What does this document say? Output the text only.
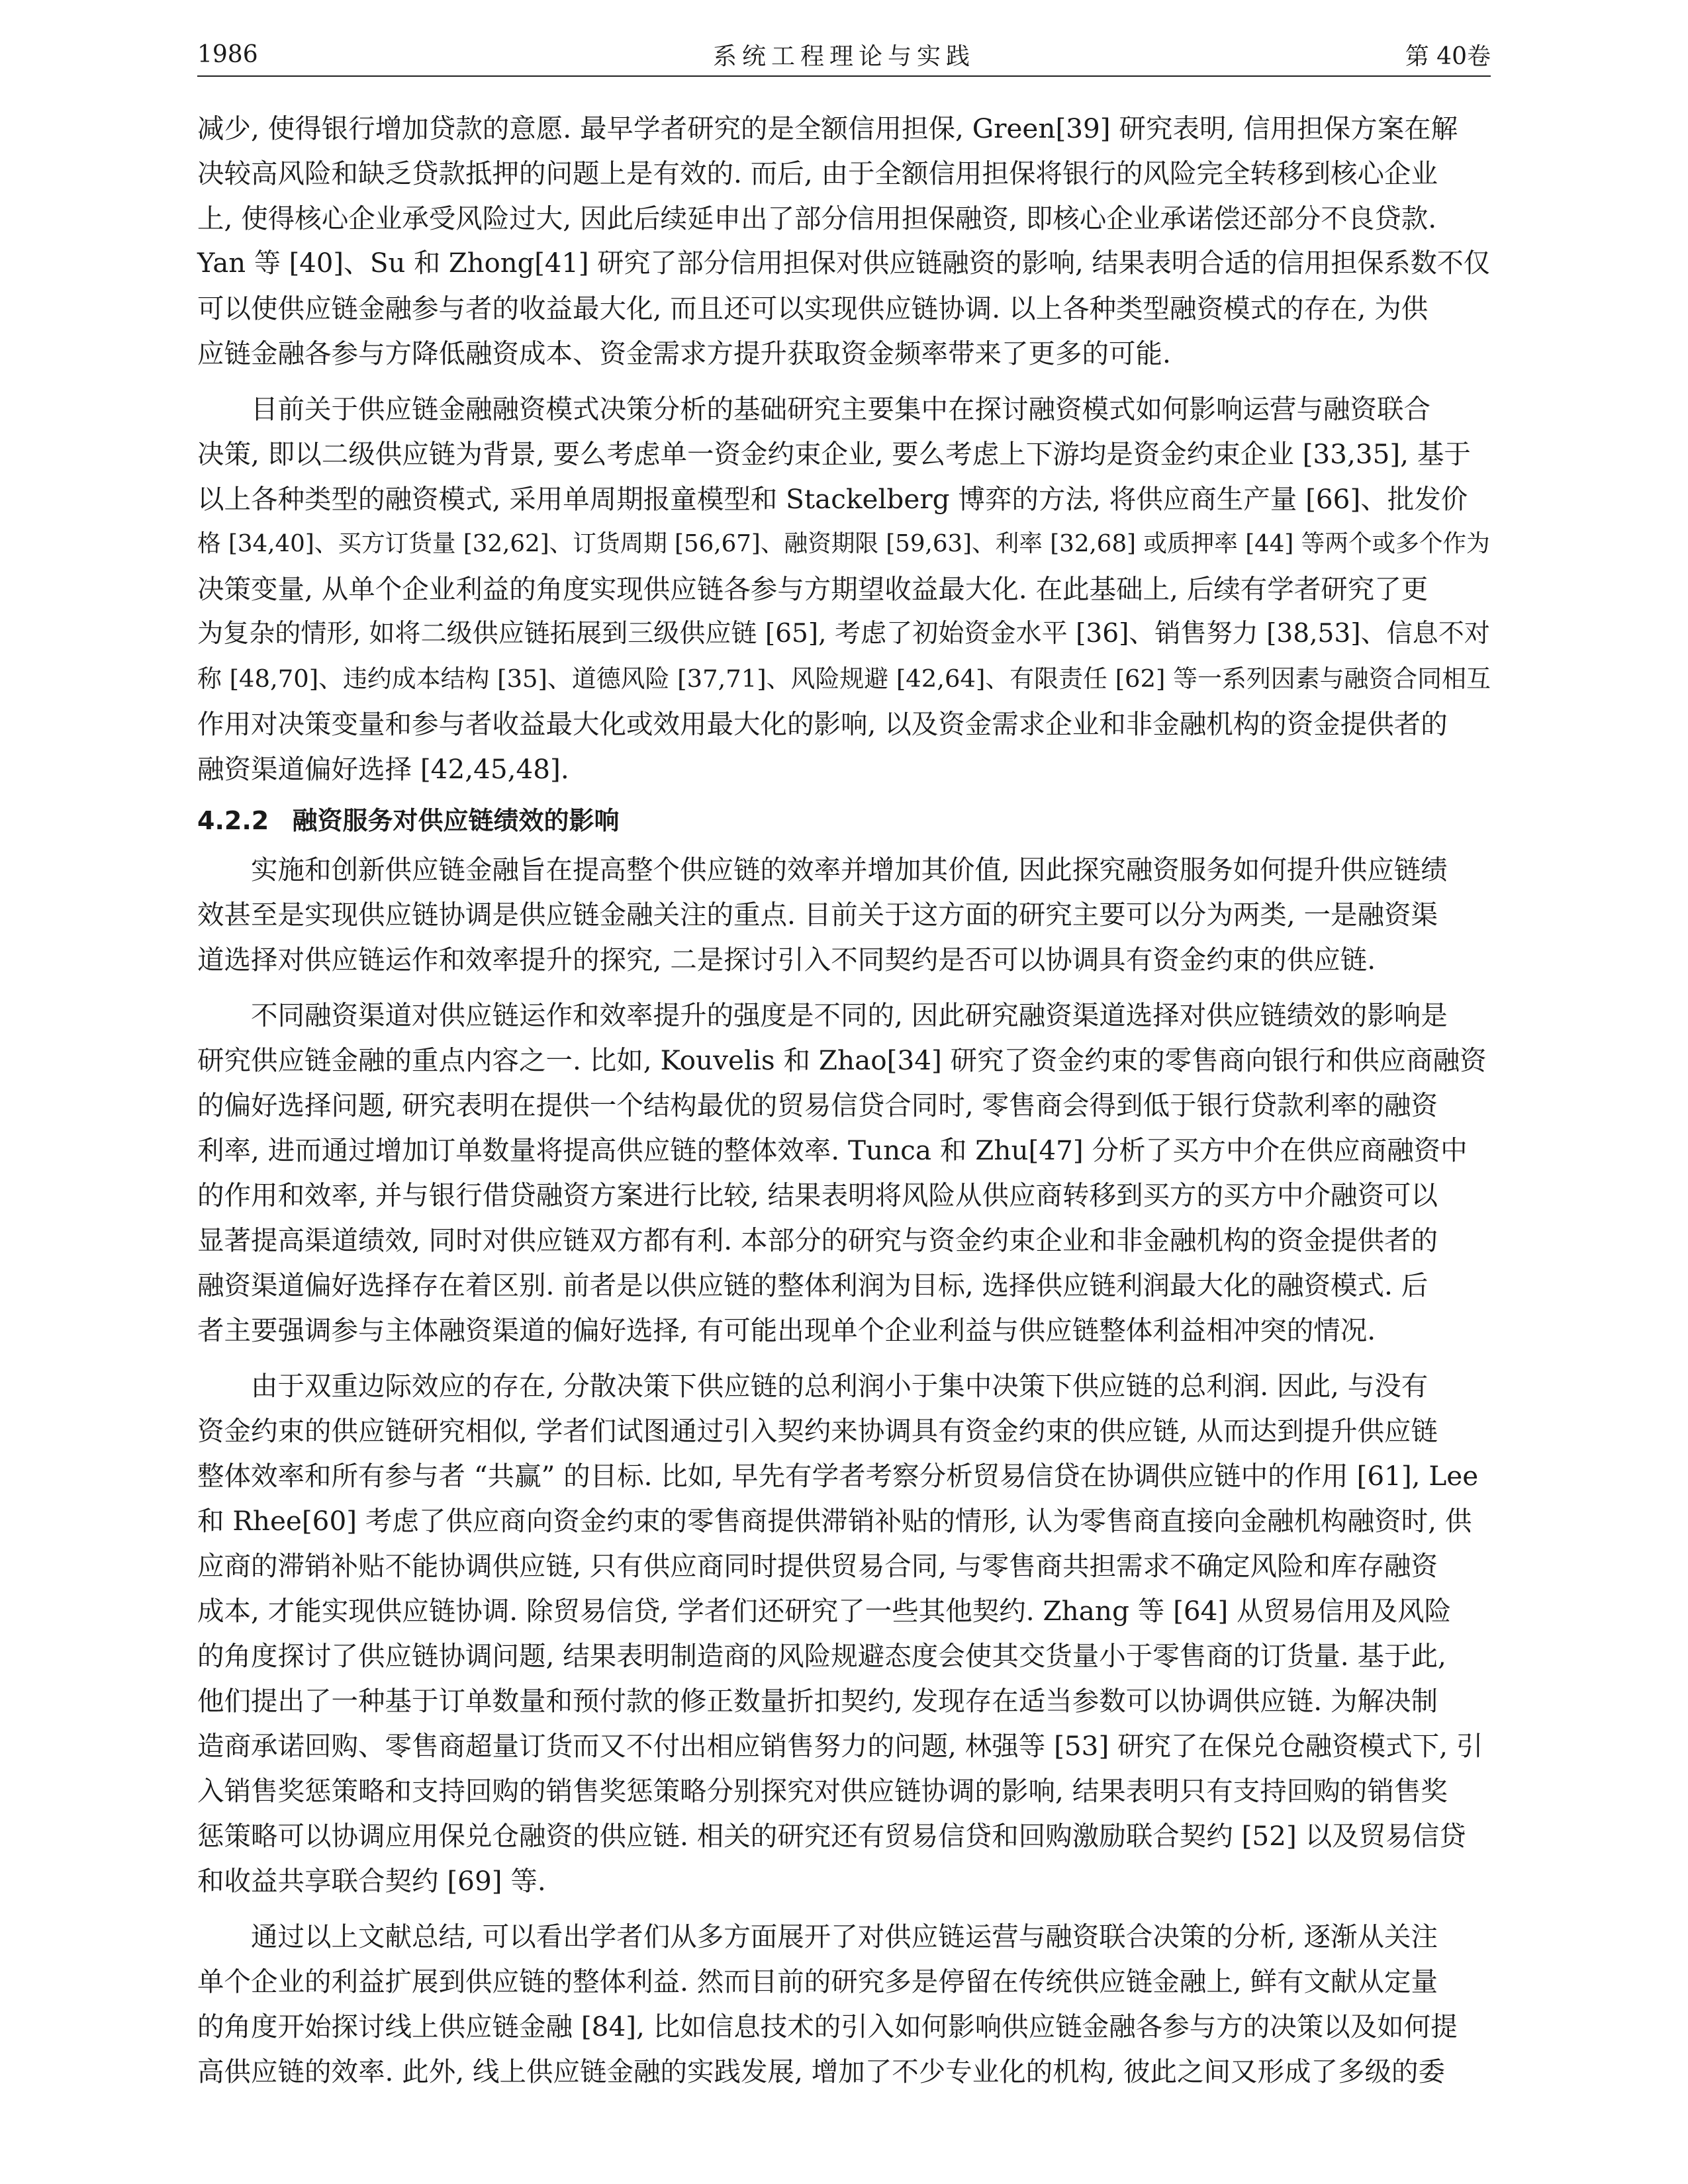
1986	系统工程理论与实践	第 40卷
减少, 使得银行增加贷款的意愿. 最早学者研究的是全额信用担保, Green[39] 研究表明, 信用担保方案在解
决较高风险和缺乏贷款抵押的问题上是有效的. 而后, 由于全额信用担保将银行的风险完全转移到核心企业
上, 使得核心企业承受风险过大, 因此后续延申出了部分信用担保融资, 即核心企业承诺偿还部分不良贷款.
Yan 等 [40]、Su 和 Zhong[41] 研究了部分信用担保对供应链融资的影响, 结果表明合适的信用担保系数不仅
可以使供应链金融参与者的收益最大化, 而且还可以实现供应链协调. 以上各种类型融资模式的存在, 为供
应链金融各参与方降低融资成本、资金需求方提升获取资金频率带来了更多的可能.
目前关于供应链金融融资模式决策分析的基础研究主要集中在探讨融资模式如何影响运营与融资联合
决策, 即以二级供应链为背景, 要么考虑单一资金约束企业, 要么考虑上下游均是资金约束企业 [33,35], 基于
以上各种类型的融资模式, 采用单周期报童模型和 Stackelberg 博弈的方法, 将供应商生产量 [66]、批发价
格 [34,40]、买方订货量 [32,62]、订货周期 [56,67]、融资期限 [59,63]、利率 [32,68] 或质押率 [44] 等两个或多个作为
决策变量, 从单个企业利益的角度实现供应链各参与方期望收益最大化. 在此基础上, 后续有学者研究了更
为复杂的情形, 如将二级供应链拓展到三级供应链 [65], 考虑了初始资金水平 [36]、销售努力 [38,53]、信息不对
称 [48,70]、违约成本结构 [35]、道德风险 [37,71]、风险规避 [42,64]、有限责任 [62] 等一系列因素与融资合同相互
作用对决策变量和参与者收益最大化或效用最大化的影响, 以及资金需求企业和非金融机构的资金提供者的
融资渠道偏好选择 [42,45,48].
4.2.2 融资服务对供应链绩效的影响
实施和创新供应链金融旨在提高整个供应链的效率并增加其价值, 因此探究融资服务如何提升供应链绩
效甚至是实现供应链协调是供应链金融关注的重点. 目前关于这方面的研究主要可以分为两类, 一是融资渠
道选择对供应链运作和效率提升的探究, 二是探讨引入不同契约是否可以协调具有资金约束的供应链.
不同融资渠道对供应链运作和效率提升的强度是不同的, 因此研究融资渠道选择对供应链绩效的影响是
研究供应链金融的重点内容之一. 比如, Kouvelis 和 Zhao[34] 研究了资金约束的零售商向银行和供应商融资
的偏好选择问题, 研究表明在提供一个结构最优的贸易信贷合同时, 零售商会得到低于银行贷款利率的融资
利率, 进而通过增加订单数量将提高供应链的整体效率. Tunca 和 Zhu[47] 分析了买方中介在供应商融资中
的作用和效率, 并与银行借贷融资方案进行比较, 结果表明将风险从供应商转移到买方的买方中介融资可以
显著提高渠道绩效, 同时对供应链双方都有利. 本部分的研究与资金约束企业和非金融机构的资金提供者的
融资渠道偏好选择存在着区别. 前者是以供应链的整体利润为目标, 选择供应链利润最大化的融资模式. 后
者主要强调参与主体融资渠道的偏好选择, 有可能出现单个企业利益与供应链整体利益相冲突的情况.
由于双重边际效应的存在, 分散决策下供应链的总利润小于集中决策下供应链的总利润. 因此, 与没有
资金约束的供应链研究相似, 学者们试图通过引入契约来协调具有资金约束的供应链, 从而达到提升供应链
整体效率和所有参与者 “共赢” 的目标. 比如, 早先有学者考察分析贸易信贷在协调供应链中的作用 [61], Lee
和 Rhee[60] 考虑了供应商向资金约束的零售商提供滞销补贴的情形, 认为零售商直接向金融机构融资时, 供
应商的滞销补贴不能协调供应链, 只有供应商同时提供贸易合同, 与零售商共担需求不确定风险和库存融资
成本, 才能实现供应链协调. 除贸易信贷, 学者们还研究了一些其他契约. Zhang 等 [64] 从贸易信用及风险
的角度探讨了供应链协调问题, 结果表明制造商的风险规避态度会使其交货量小于零售商的订货量. 基于此,
他们提出了一种基于订单数量和预付款的修正数量折扣契约, 发现存在适当参数可以协调供应链. 为解决制
造商承诺回购、零售商超量订货而又不付出相应销售努力的问题, 林强等 [53] 研究了在保兑仓融资模式下, 引
入销售奖惩策略和支持回购的销售奖惩策略分别探究对供应链协调的影响, 结果表明只有支持回购的销售奖
惩策略可以协调应用保兑仓融资的供应链. 相关的研究还有贸易信贷和回购激励联合契约 [52] 以及贸易信贷
和收益共享联合契约 [69] 等.
通过以上文献总结, 可以看出学者们从多方面展开了对供应链运营与融资联合决策的分析, 逐渐从关注
单个企业的利益扩展到供应链的整体利益. 然而目前的研究多是停留在传统供应链金融上, 鲜有文献从定量
的角度开始探讨线上供应链金融 [84], 比如信息技术的引入如何影响供应链金融各参与方的决策以及如何提
高供应链的效率. 此外, 线上供应链金融的实践发展, 增加了不少专业化的机构, 彼此之间又形成了多级的委
